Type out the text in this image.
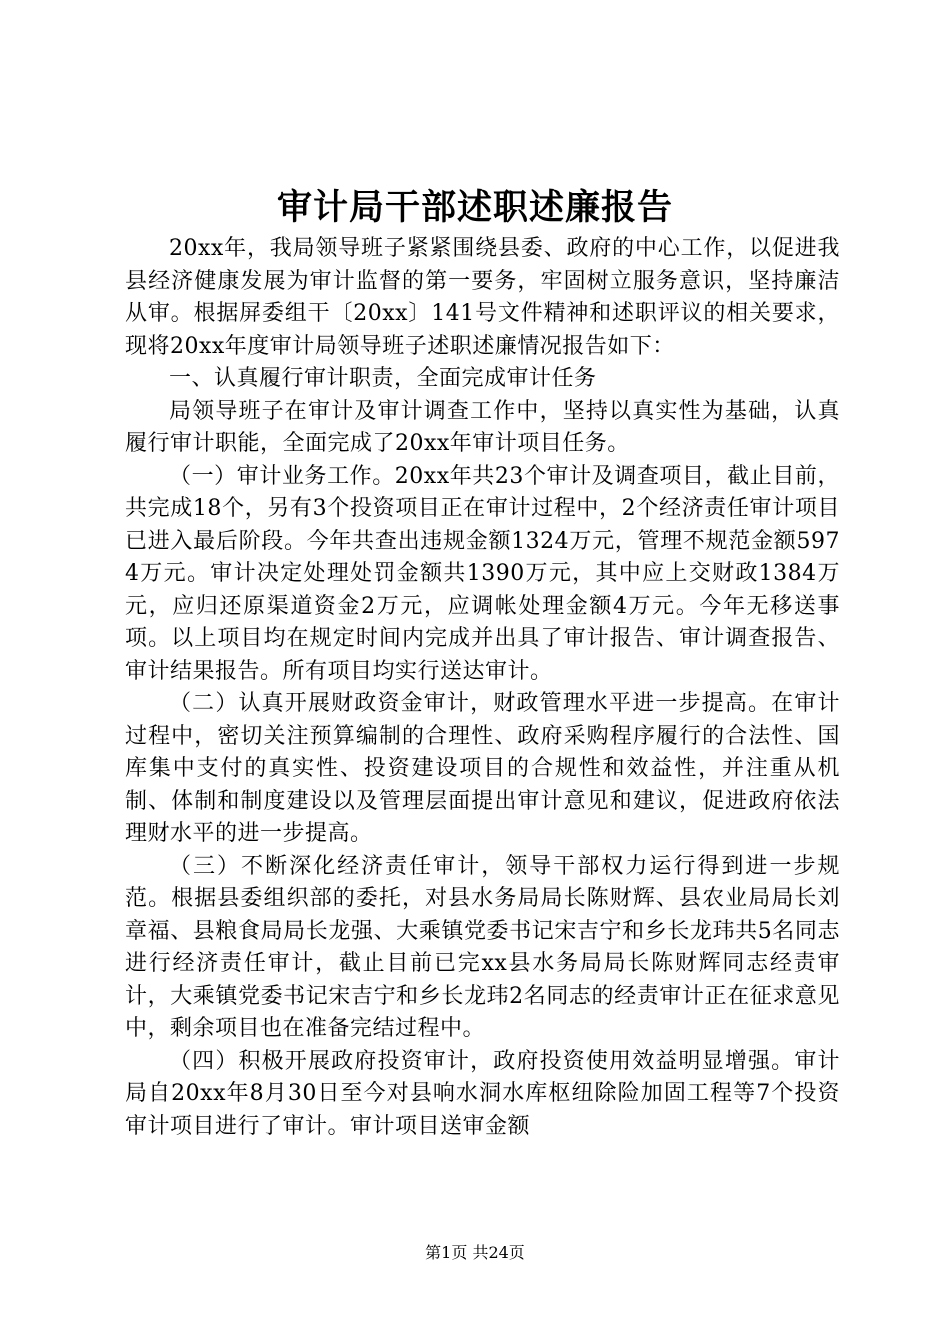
审计局干部述职述廉报告

20xx年，我局领导班子紧紧围绕县委、政府的中心工作，以促进我县经济健康发展为审计监督的第一要务，牢固树立服务意识，坚持廉洁从审。根据屏委组干〔20xx〕141号文件精神和述职评议的相关要求，现将20xx年度审计局领导班子述职述廉情况报告如下：

一、认真履行审计职责，全面完成审计任务

局领导班子在审计及审计调查工作中，坚持以真实性为基础，认真履行审计职能，全面完成了20xx年审计项目任务。

（一）审计业务工作。20xx年共23个审计及调查项目，截止目前，共完成18个，另有3个投资项目正在审计过程中，2个经济责任审计项目已进入最后阶段。今年共查出违规金额1324万元，管理不规范金额5974万元。审计决定处理处罚金额共1390万元，其中应上交财政1384万元，应归还原渠道资金2万元，应调帐处理金额4万元。今年无移送事项。以上项目均在规定时间内完成并出具了审计报告、审计调查报告、审计结果报告。所有项目均实行送达审计。

（二）认真开展财政资金审计，财政管理水平进一步提高。在审计过程中，密切关注预算编制的合理性、政府采购程序履行的合法性、国库集中支付的真实性、投资建设项目的合规性和效益性，并注重从机制、体制和制度建设以及管理层面提出审计意见和建议，促进政府依法理财水平的进一步提高。

（三）不断深化经济责任审计，领导干部权力运行得到进一步规范。根据县委组织部的委托，对县水务局局长陈财辉、县农业局局长刘章福、县粮食局局长龙强、大乘镇党委书记宋吉宁和乡长龙玮共5名同志进行经济责任审计，截止目前已完xx县水务局局长陈财辉同志经责审计，大乘镇党委书记宋吉宁和乡长龙玮2名同志的经责审计正在征求意见中，剩余项目也在准备完结过程中。

（四）积极开展政府投资审计，政府投资使用效益明显增强。审计局自20xx年8月30日至今对县响水洞水库枢纽除险加固工程等7个投资审计项目进行了审计。审计项目送审金额

第1页 共24页
